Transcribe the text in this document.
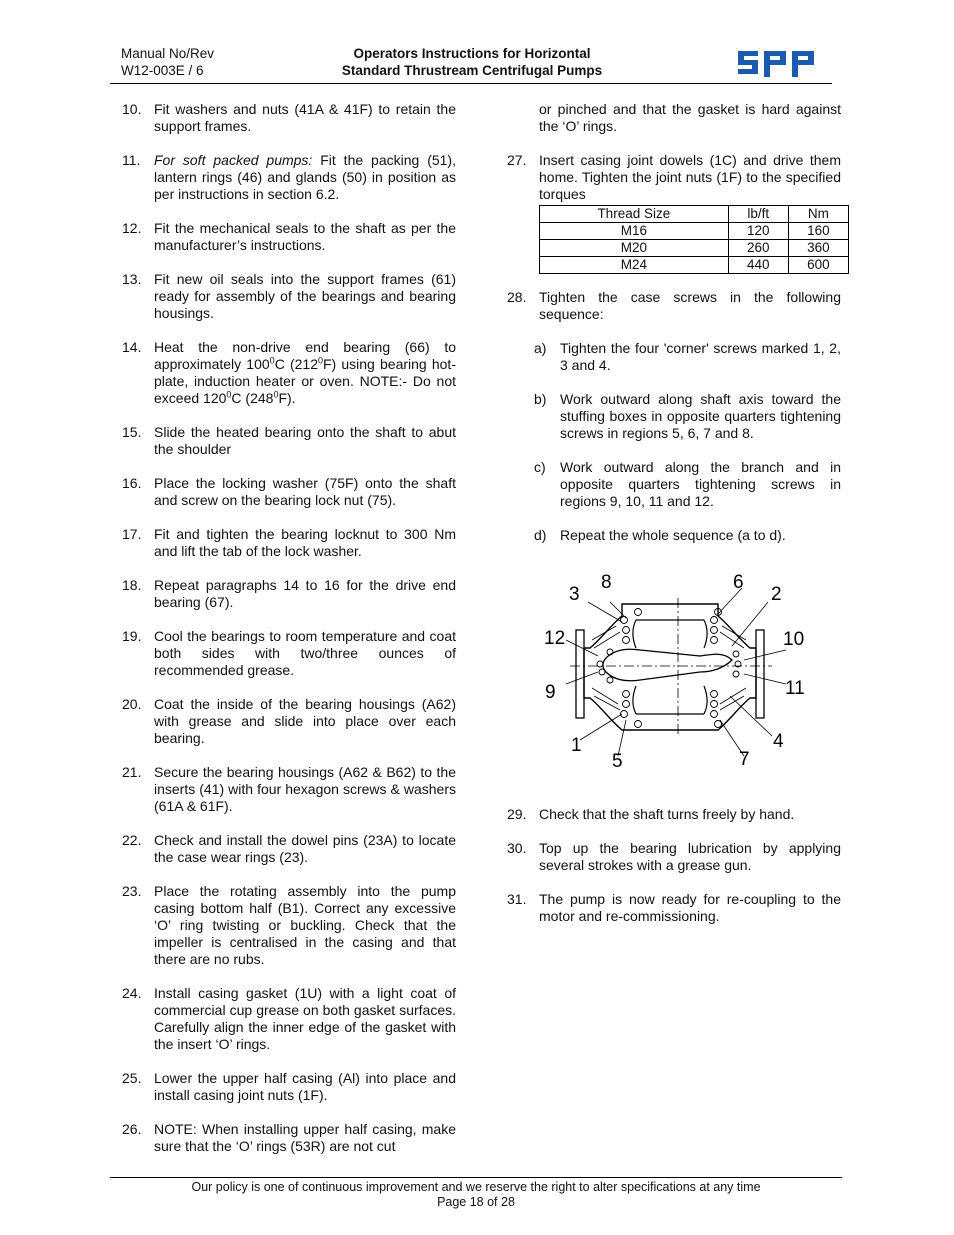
Manual No/Rev
W12-003E / 6
Operators Instructions for Horizontal
Standard Thrustream Centrifugal Pumps
10. Fit washers and nuts (41A & 41F) to retain the support frames.
11. For soft packed pumps: Fit the packing (51), lantern rings (46) and glands (50) in position as per instructions in section 6.2.
12. Fit the mechanical seals to the shaft as per the manufacturer’s instructions.
13. Fit new oil seals into the support frames (61) ready for assembly of the bearings and bearing housings.
14. Heat the non-drive end bearing (66) to approximately $100^0C$ $(212^0F)$ using bearing hot-plate, induction heater or oven. NOTE:- Do not exceed $120^0C$ $(248^0F)$.
15. Slide the heated bearing onto the shaft to abut the shoulder
16. Place the locking washer (75F) onto the shaft and screw on the bearing lock nut (75).
17. Fit and tighten the bearing locknut to 300 Nm and lift the tab of the lock washer.
18. Repeat paragraphs 14 to 16 for the drive end bearing (67).
19. Cool the bearings to room temperature and coat both sides with two/three ounces of recommended grease.
20. Coat the inside of the bearing housings (A62) with grease and slide into place over each bearing.
21. Secure the bearing housings (A62 & B62) to the inserts (41) with four hexagon screws & washers (61A & 61F).
22. Check and install the dowel pins (23A) to locate the case wear rings (23).
23. Place the rotating assembly into the pump casing bottom half (B1). Correct any excessive ‘O’ ring twisting or buckling. Check that the impeller is centralised in the casing and that there are no rubs.
24. Install casing gasket (1U) with a light coat of commercial cup grease on both gasket surfaces. Carefully align the inner edge of the gasket with the insert ‘O’ rings.
25. Lower the upper half casing (Al) into place and install casing joint nuts (1F).
26. NOTE: When installing upper half casing, make sure that the ‘O’ rings (53R) are not cut
or pinched and that the gasket is hard against the ‘O’ rings.
27. Insert casing joint dowels (1C) and drive them home. Tighten the joint nuts (1F) to the specified torques
Thread Size	lb/ft	Nm
M16	120	160
M20	260	360
M24	440	600
28. Tighten the case screws in the following sequence:
a) Tighten the four 'corner' screws marked 1, 2, 3 and 4.
b) Work outward along shaft axis toward the stuffing boxes in opposite quarters tightening screws in regions 5, 6, 7 and 8.
c) Work outward along the branch and in opposite quarters tightening screws in regions 9, 10, 11 and 12.
d) Repeat the whole sequence (a to d).
3
8	6
2
12	10
9	11
1	4
5	7
29. Check that the shaft turns freely by hand.
30. Top up the bearing lubrication by applying several strokes with a grease gun.
31. The pump is now ready for re-coupling to the motor and re-commissioning.
Our policy is one of continuous improvement and we reserve the right to alter specifications at any time
Page 18 of 28
